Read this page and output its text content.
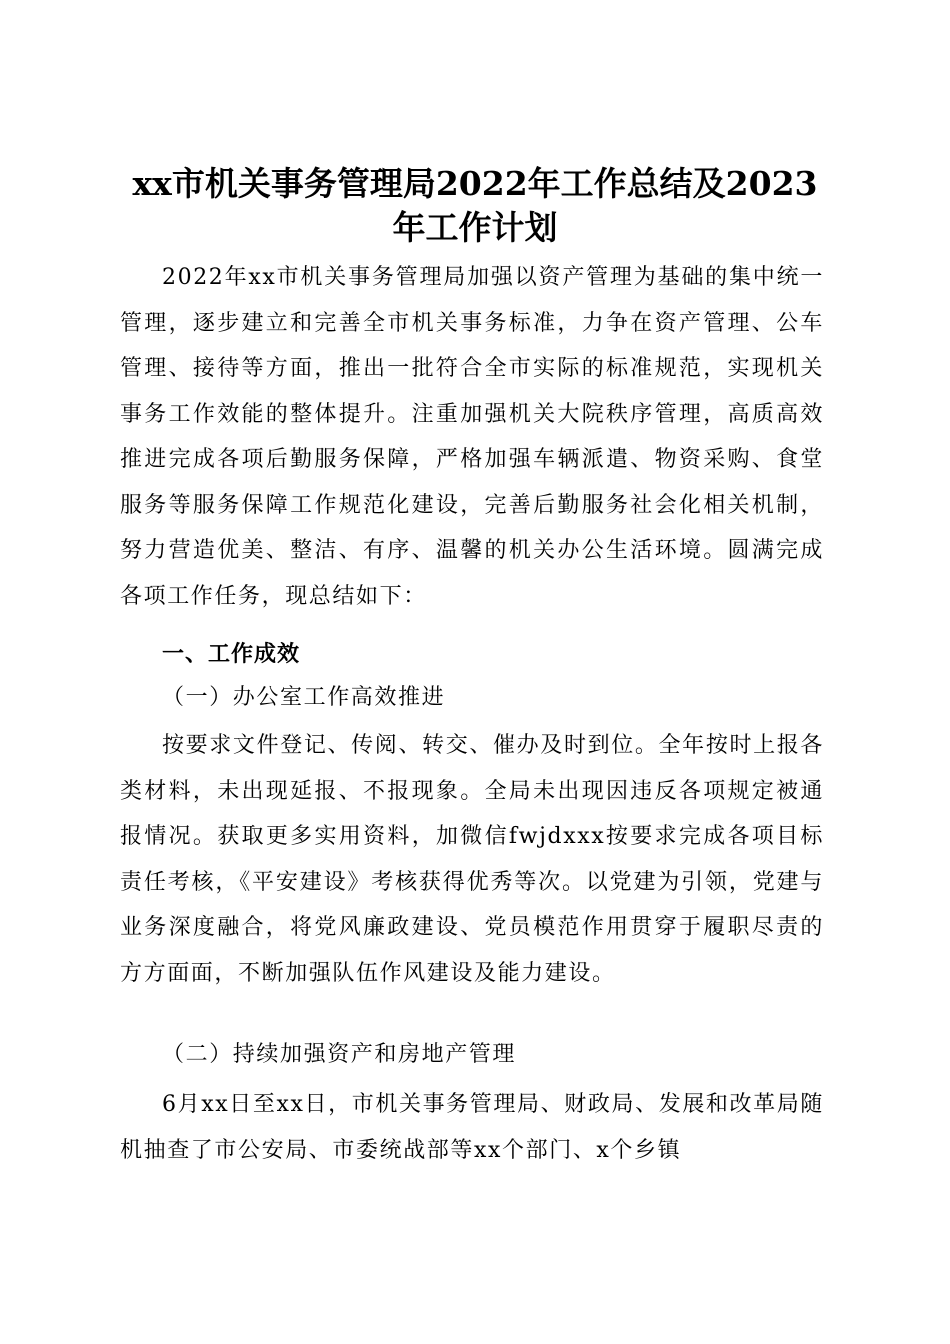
xx市机关事务管理局2022年工作总结及2023
年工作计划

2022年xx市机关事务管理局加强以资产管理为基础的集中统一管理，逐步建立和完善全市机关事务标准，力争在资产管理、公车管理、接待等方面，推出一批符合全市实际的标准规范，实现机关事务工作效能的整体提升。注重加强机关大院秩序管理，高质高效推进完成各项后勤服务保障，严格加强车辆派遣、物资采购、食堂服务等服务保障工作规范化建设，完善后勤服务社会化相关机制，努力营造优美、整洁、有序、温馨的机关办公生活环境。圆满完成各项工作任务，现总结如下：

一、工作成效
（一）办公室工作高效推进

按要求文件登记、传阅、转交、催办及时到位。全年按时上报各类材料，未出现延报、不报现象。全局未出现因违反各项规定被通报情况。获取更多实用资料，加微信fwjdxxx按要求完成各项目标责任考核，《平安建设》考核获得优秀等次。以党建为引领，党建与业务深度融合，将党风廉政建设、党员模范作用贯穿于履职尽责的方方面面，不断加强队伍作风建设及能力建设。

（二）持续加强资产和房地产管理

6月xx日至xx日，市机关事务管理局、财政局、发展和改革局随机抽查了市公安局、市委统战部等xx个部门、x个乡镇
